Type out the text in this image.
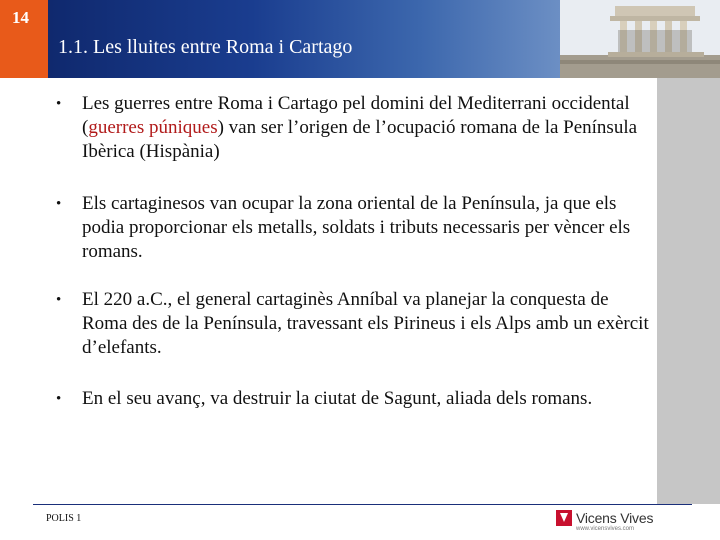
14
1.1. Les lluites entre Roma i Cartago

• Les guerres entre Roma i Cartago pel domini del Mediterrani occidental (guerres púniques) van ser l’origen de l’ocupació romana de la Península Ibèrica (Hispània)

• Els cartaginesos van ocupar la zona oriental de la Península, ja que els podia proporcionar els metalls, soldats i tributs necessaris per vèncer els romans.

• El 220 a.C., el general cartaginès Anníbal va planejar la conquesta de Roma des de la Península, travessant els Pirineus i els Alps amb un exèrcit d’elefants.

• En el seu avanç, va destruir la ciutat de Sagunt, aliada dels romans.

POLIS 1	Vicens Vives
www.vicensvives.com
